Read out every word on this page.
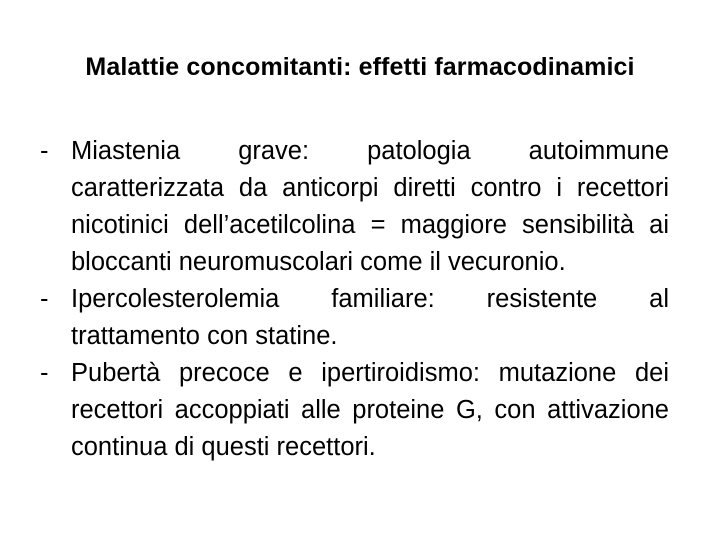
Malattie concomitanti: effetti farmacodinamici
- Miastenia grave: patologia autoimmune caratterizzata da anticorpi diretti contro i recettori nicotinici dell’acetilcolina = maggiore sensibilità ai bloccanti neuromuscolari come il vecuronio.
- Ipercolesterolemia familiare: resistente al trattamento con statine.
- Pubertà precoce e ipertiroidismo: mutazione dei recettori accoppiati alle proteine G, con attivazione continua di questi recettori.
